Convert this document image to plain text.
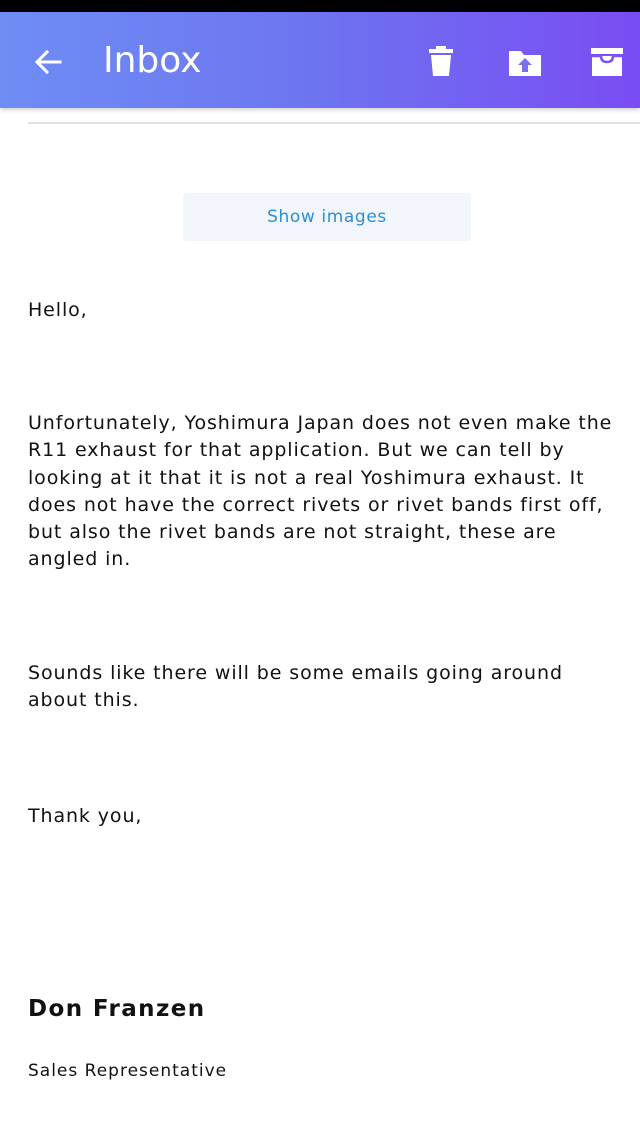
Inbox
Show images

Hello,

Unfortunately, Yoshimura Japan does not even make the R11 exhaust for that application. But we can tell by looking at it that it is not a real Yoshimura exhaust. It does not have the correct rivets or rivet bands first off, but also the rivet bands are not straight, these are angled in.

Sounds like there will be some emails going around about this.

Thank you,

Don Franzen
Sales Representative
